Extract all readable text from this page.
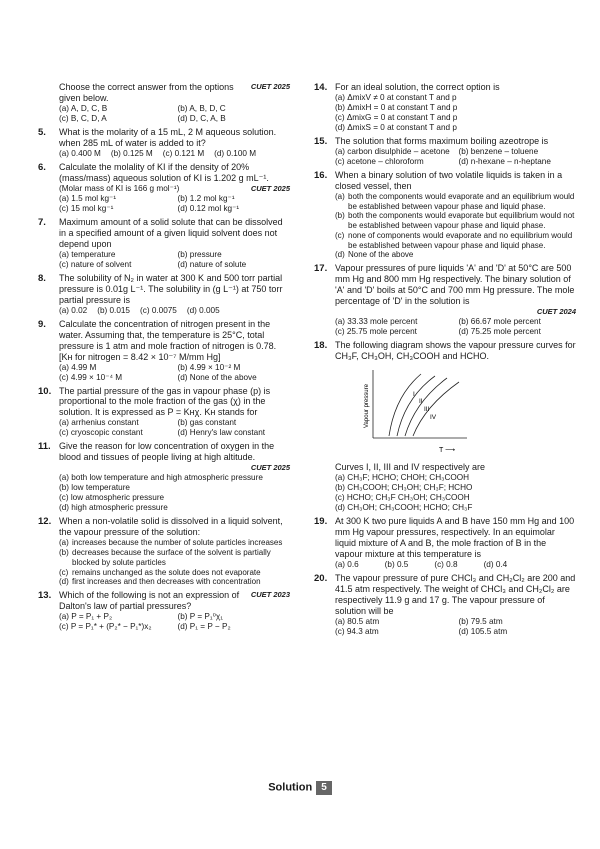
CUET 2025
Choose the correct answer from the options given below.
(a) A, D, C, B	(b) A, B, D, C
(c) B, C, D, A	(d) D, C, A, B
5. What is the molarity of a 15 mL, 2 M aqueous solution. when 285 mL of water is added to it?
(a) 0.400 M (b) 0.125 M (c) 0.121 M (d) 0.100 M
6. Calculate the molality of KI if the density of 20% (mass/mass) aqueous solution of KI is 1.202 g mL⁻¹.
CUET 2025
(Molar mass of KI is 166 g mol⁻¹)
(a) 1.5 mol kg⁻¹	(b) 1.2 mol kg⁻¹
(c) 15 mol kg⁻¹	(d) 0.12 mol kg⁻¹
7. Maximum amount of a solid solute that can be dissolved in a specified amount of a given liquid solvent does not depend upon
(a) temperature	(b) pressure
(c) nature of solvent	(d) nature of solute
8. The solubility of N₂ in water at 300 K and 500 torr partial pressure is 0.01g L⁻¹. The solubility in (g L⁻¹) at 750 torr partial pressure is
(a) 0.02 (b) 0.015 (c) 0.0075 (d) 0.005
9. Calculate the concentration of nitrogen present in the water. Assuming that, the temperature is 25°C, total pressure is 1 atm and mole fraction of nitrogen is 0.78. [Kʜ for nitrogen = 8.42 × 10⁻⁷ M/mm Hg]
(a) 4.99 M	(b) 4.99 × 10⁻² M
(c) 4.99 × 10⁻⁴ M	(d) None of the above
10. The partial pressure of the gas in vapour phase (p) is proportional to the mole fraction of the gas (χ) in the solution. It is expressed as P = Kʜχ. Kʜ stands for
(a) arrhenius constant	(b) gas constant
(c) cryoscopic constant	(d) Henry's law constant
11. Give the reason for low concentration of oxygen in the blood and tissues of people living at high altitude.
CUET 2025
(a) both low temperature and high atmospheric pressure
(b) low temperature
(c) low atmospheric pressure
(d) high atmospheric pressure
12. When a non-volatile solid is dissolved in a liquid solvent, the vapour pressure of the solution:
(a) increases because the number of solute particles increases
(b) decreases because the surface of the solvent is partially blocked by solute particles
(c) remains unchanged as the solute does not evaporate
(d) first increases and then decreases with concentration
13.	CUET 2023
Which of the following is not an expression of Dalton's law of partial pressures?
(a) P = P₁ + P₂	(b) P = P₁⁰χ₁
(c) P = P₁* + (P₂* − P₁*)x₂	(d) P₁ = P − P₂
14. For an ideal solution, the correct option is
(a) ΔmixV ≠ 0 at constant T and p
(b) ΔmixH = 0 at constant T and p
(c) ΔmixG = 0 at constant T and p
(d) ΔmixS = 0 at constant T and p
15. The solution that forms maximum boiling azeotrope is
(a) carbon disulphide – acetone	(b) benzene – toluene
(c) acetone – chloroform	(d) n-hexane – n-heptane
16. When a binary solution of two volatile liquids is taken in a closed vessel, then
(a) both the components would evaporate and an equilibrium would be established between vapour phase and liquid phase.
(b) both the components would evaporate but equilibrium would not be established between vapour phase and liquid phase.
(c) none of components would evaporate and no equilibrium would be established between vapour phase and liquid phase.
(d) None of the above
17. Vapour pressures of pure liquids 'A' and 'D' at 50°C are 500 mm Hg and 800 mm Hg respectively. The binary solution of 'A' and 'D' boils at 50°C and 700 mm Hg pressure. The mole percentage of 'D' in the solution is
CUET 2024
(a) 33.33 mole percent	(b) 66.67 mole percent
(c) 25.75 mole percent	(d) 75.25 mole percent
18. The following diagram shows the vapour pressure curves for CH₃F, CH₃OH, CH₃COOH and HCHO.
Vapour pressure	I
II
III
IV
T ⟶
Curves I, II, III and IV respectively are
(a) CH₃F; HCHO; CHOH; CH₃COOH
(b) CH₃COOH; CH₃OH; CH₃F; HCHO
(c) HCHO; CH₃F CH₃OH; CH₃COOH
(d) CH₃OH; CH₃COOH; HCHO; CH₃F
19. At 300 K two pure liquids A and B have 150 mm Hg and 100 mm Hg vapour pressures, respectively. In an equimolar liquid mixture of A and B, the mole fraction of B in the vapour mixture at this temperature is
(a) 0.6	(b) 0.5	(c) 0.8	(d) 0.4
20. The vapour pressure of pure CHCl₃ and CH₂Cl₂ are 200 and 41.5 atm respectively. The weight of CHCl₃ and CH₂Cl₂ are respectively 11.9 g and 17 g. The vapour pressure of solution will be
(a) 80.5 atm	(b) 79.5 atm
(c) 94.3 atm	(d) 105.5 atm
Solution 5
